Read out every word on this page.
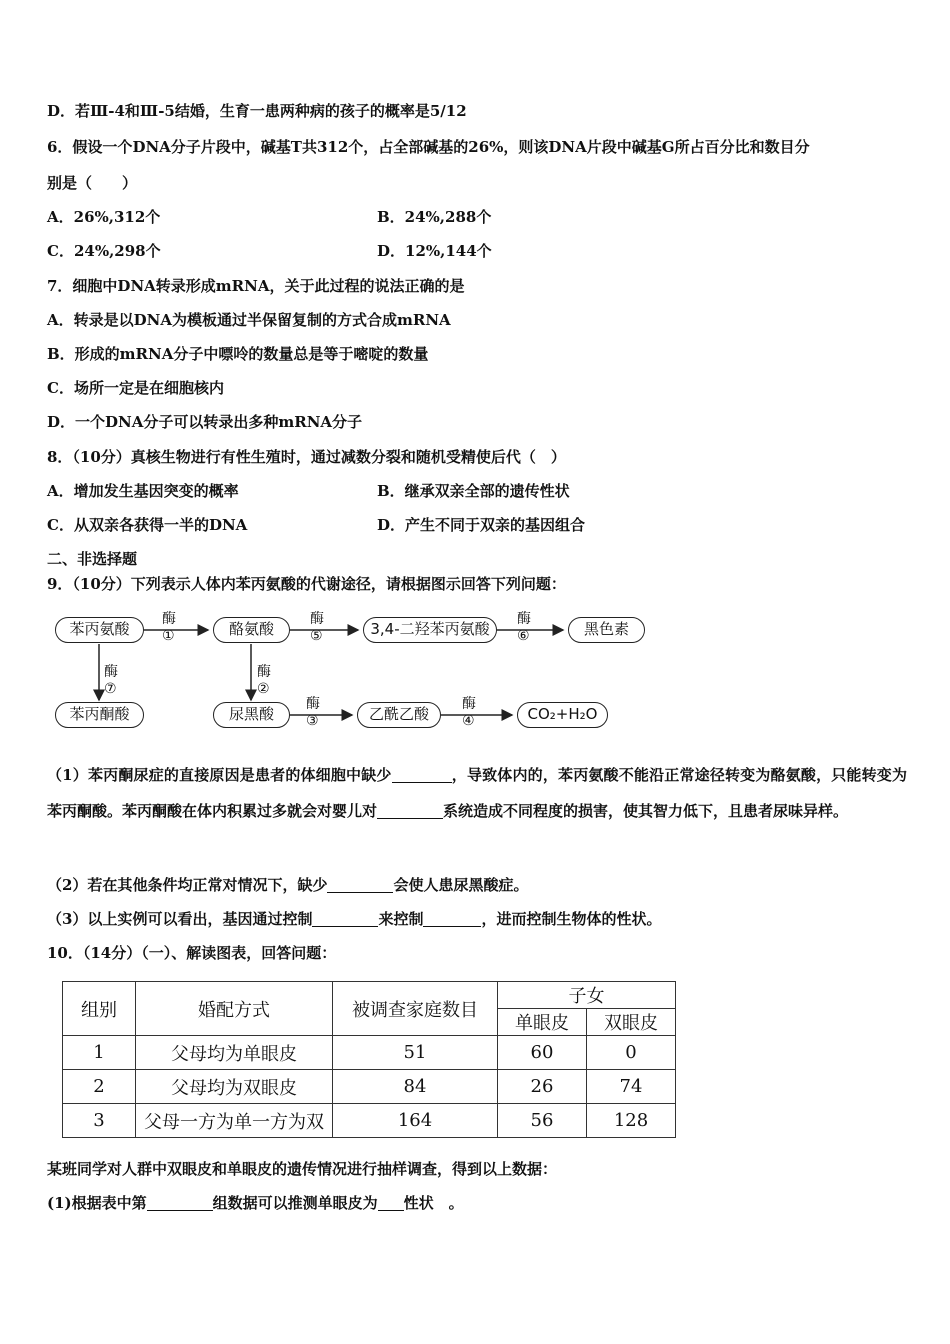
D．若Ⅲ-4和Ⅲ-5结婚，生育一患两种病的孩子的概率是5/12
6．假设一个DNA分子片段中，碱基T共312个，占全部碱基的26%，则该DNA片段中碱基G所占百分比和数目分
别是（　　）
A．26%,312个	B．24%,288个
C．24%,298个	D．12%,144个
7．细胞中DNA转录形成mRNA，关于此过程的说法正确的是
A．转录是以DNA为模板通过半保留复制的方式合成mRNA
B．形成的mRNA分子中嘌呤的数量总是等于嘧啶的数量
C．场所一定是在细胞核内
D．一个DNA分子可以转录出多种mRNA分子
8．（10分）真核生物进行有性生殖时，通过减数分裂和随机受精使后代（　）
A．增加发生基因突变的概率	B．继承双亲全部的遗传性状
C．从双亲各获得一半的DNA	D．产生不同于双亲的基因组合
二、非选择题
9．（10分）下列表示人体内苯丙氨酸的代谢途径，请根据图示回答下列问题：
苯丙氨酸	酪氨酸	3,4-二羟苯丙氨酸	黑色素
苯丙酮酸	尿黑酸	乙酰乙酸	CO₂+H₂O
酶①
酶⑤
酶⑥
酶⑦
酶②
酶③
酶④
（1）苯丙酮尿症的直接原因是患者的体细胞中缺少	，导致体内的，苯丙氨酸不能沿正常途径转变为酪氨酸，只能转变为苯丙酮酸。苯丙酮酸在体内积累过多就会对婴儿对	系统造成不同程度的损害，使其智力低下，且患者尿味异样。
（2）若在其他条件均正常对情况下，缺少	会使人患尿黑酸症。
（3）以上实例可以看出，基因通过控制	来控制	，进而控制生物体的性状。
10．（14分）（一）、解读图表，回答问题：
组别	婚配方式	被调查家庭数目	子女	
			单眼皮	双眼皮
1	父母均为单眼皮	51	60	0
2	父母均为双眼皮	84	26	74
3	父母一方为单一方为双	164	56	128
某班同学对人群中双眼皮和单眼皮的遗传情况进行抽样调查，得到以上数据：
(1)根据表中第	组数据可以推测单眼皮为 性状　。
